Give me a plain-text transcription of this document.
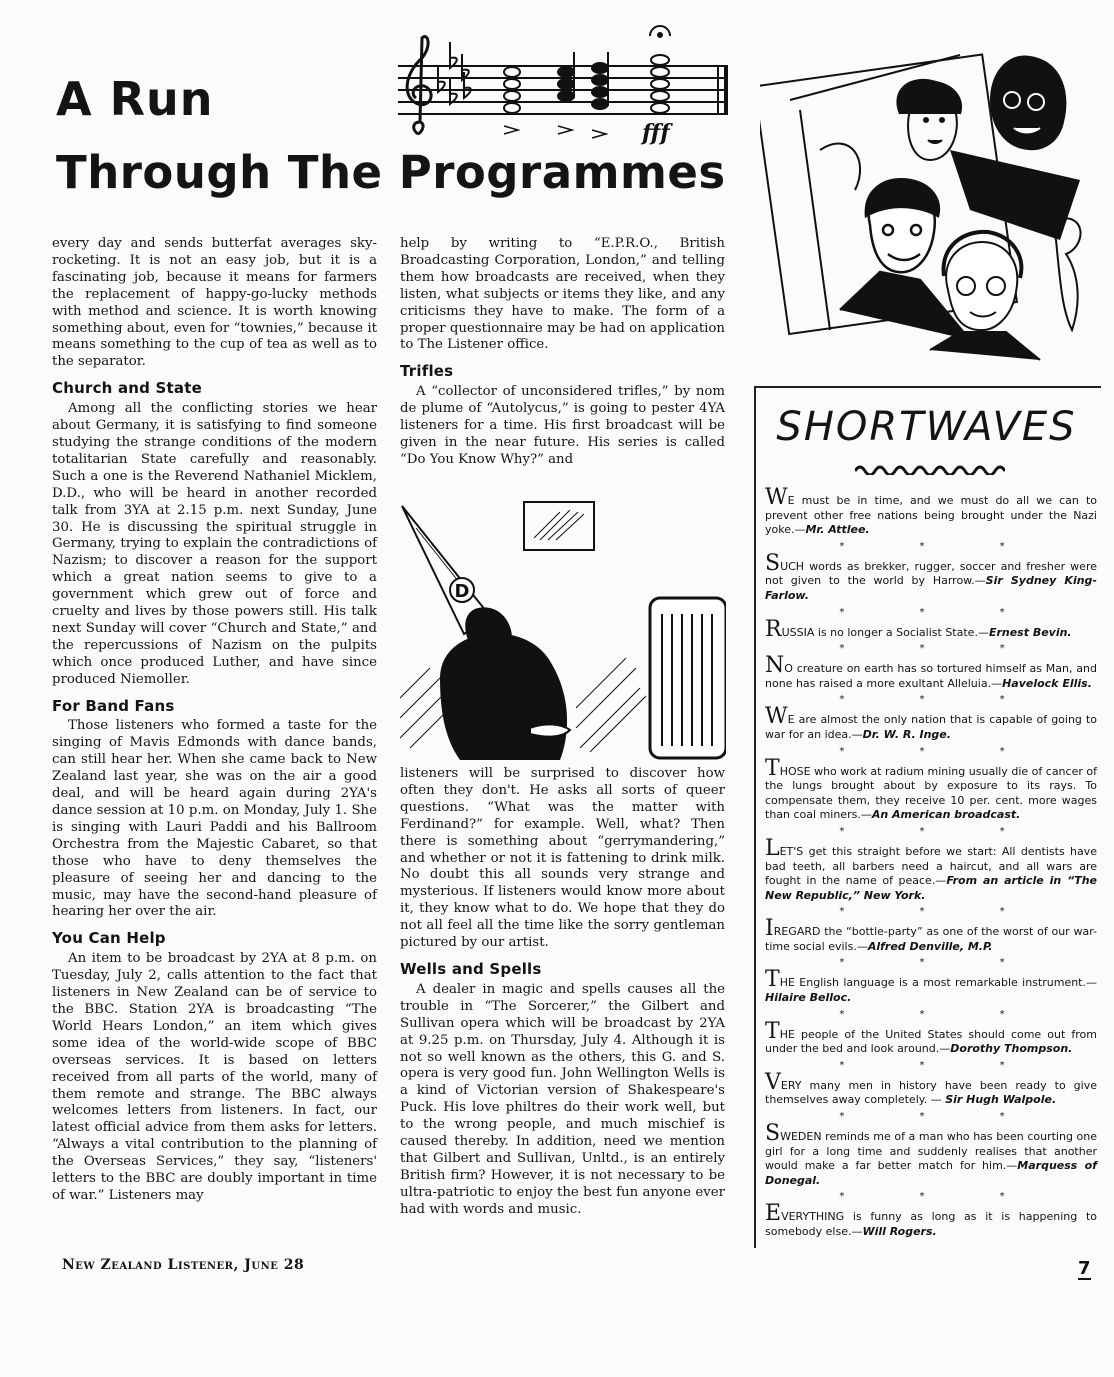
A Run
Through The Programmes
fff

every day and sends butterfat averages sky-rocketing. It is not an easy job, but it is a fascinating job, because it means for farmers the replacement of happy-go-lucky methods with method and science. It is worth knowing something about, even for “townies,” because it means something to the cup of tea as well as to the separator.

Church and State

Among all the conflicting stories we hear about Germany, it is satisfying to find someone studying the strange conditions of the modern totalitarian State carefully and reasonably. Such a one is the Reverend Nathaniel Micklem, D.D., who will be heard in another recorded talk from 3YA at 2.15 p.m. next Sunday, June 30. He is discussing the spiritual struggle in Germany, trying to explain the contradictions of Nazism; to discover a reason for the support which a great nation seems to give to a government which grew out of force and cruelty and lives by those powers still. His talk next Sunday will cover “Church and State,” and the repercussions of Nazism on the pulpits which once produced Luther, and have since produced Niemoller.

For Band Fans

Those listeners who formed a taste for the singing of Mavis Edmonds with dance bands, can still hear her. When she came back to New Zealand last year, she was on the air a good deal, and will be heard again during 2YA's dance session at 10 p.m. on Monday, July 1. She is singing with Lauri Paddi and his Ballroom Orchestra from the Majestic Cabaret, so that those who have to deny themselves the pleasure of seeing her and dancing to the music, may have the second-hand pleasure of hearing her over the air.

You Can Help

An item to be broadcast by 2YA at 8 p.m. on Tuesday, July 2, calls attention to the fact that listeners in New Zealand can be of service to the BBC. Station 2YA is broadcasting “The World Hears London,” an item which gives some idea of the world-wide scope of BBC overseas services. It is based on letters received from all parts of the world, many of them remote and strange. The BBC always welcomes letters from listeners. In fact, our latest official advice from them asks for letters. “Always a vital contribution to the planning of the Overseas Services,” they say, “listeners' letters to the BBC are doubly important in time of war.” Listeners may

help by writing to “E.P.R.O., British Broadcasting Corporation, London,” and telling them how broadcasts are received, when they listen, what subjects or items they like, and any criticisms they have to make. The form of a proper questionnaire may be had on application to The Listener office.

Trifles

A “collector of unconsidered trifles,” by nom de plume of “Autolycus,” is going to pester 4YA listeners for a time. His first broadcast will be given in the near future. His series is called “Do You Know Why?” and

D

listeners will be surprised to discover how often they don't. He asks all sorts of queer questions. “What was the matter with Ferdinand?” for example. Well, what? Then there is something about “gerrymandering,” and whether or not it is fattening to drink milk. No doubt this all sounds very strange and mysterious. If listeners would know more about it, they know what to do. We hope that they do not all feel all the time like the sorry gentleman pictured by our artist.

Wells and Spells

A dealer in magic and spells causes all the trouble in “The Sorcerer,” the Gilbert and Sullivan opera which will be broadcast by 2YA at 9.25 p.m. on Thursday, July 4. Although it is not so well known as the others, this G. and S. opera is very good fun. John Wellington Wells is a kind of Victorian version of Shakespeare's Puck. His love philtres do their work well, but to the wrong people, and much mischief is caused thereby. In addition, need we mention that Gilbert and Sullivan, Unltd., is an entirely British firm? However, it is not necessary to be ultra-patriotic to enjoy the best fun anyone ever had with words and music.

SHORTWAVES

WE must be in time, and we must do all we can to prevent other free nations being brought under the Nazi yoke.—Mr. Attlee.

* * *

SUCH words as brekker, rugger, soccer and fresher were not given to the world by Harrow.—Sir Sydney King-Farlow.

* * *

RUSSIA is no longer a Socialist State.—Ernest Bevin.

* * *

NO creature on earth has so tortured himself as Man, and none has raised a more exultant Alleluia.—Havelock Ellis.

* * *

WE are almost the only nation that is capable of going to war for an idea.—Dr. W. R. Inge.

* * *

THOSE who work at radium mining usually die of cancer of the lungs brought about by exposure to its rays. To compensate them, they receive 10 per. cent. more wages than coal miners.—An American broadcast.

* * *

LET'S get this straight before we start: All dentists have bad teeth, all barbers need a haircut, and all wars are fought in the name of peace.—From an article in “The New Republic,” New York.

* * *

IREGARD the “bottle-party” as one of the worst of our war-time social evils.—Alfred Denville, M.P.

* * *

THE English language is a most remarkable instrument.—Hilaire Belloc.

* * *

THE people of the United States should come out from under the bed and look around.—Dorothy Thompson.

* * *

VERY many men in history have been ready to give themselves away completely. — Sir Hugh Walpole.

* * *

SWEDEN reminds me of a man who has been courting one girl for a long time and suddenly realises that another would make a far better match for him.—Marquess of Donegal.

* * *

EVERYTHING is funny as long as it is happening to somebody else.—Will Rogers.

New Zealand Listener, June 28	7
